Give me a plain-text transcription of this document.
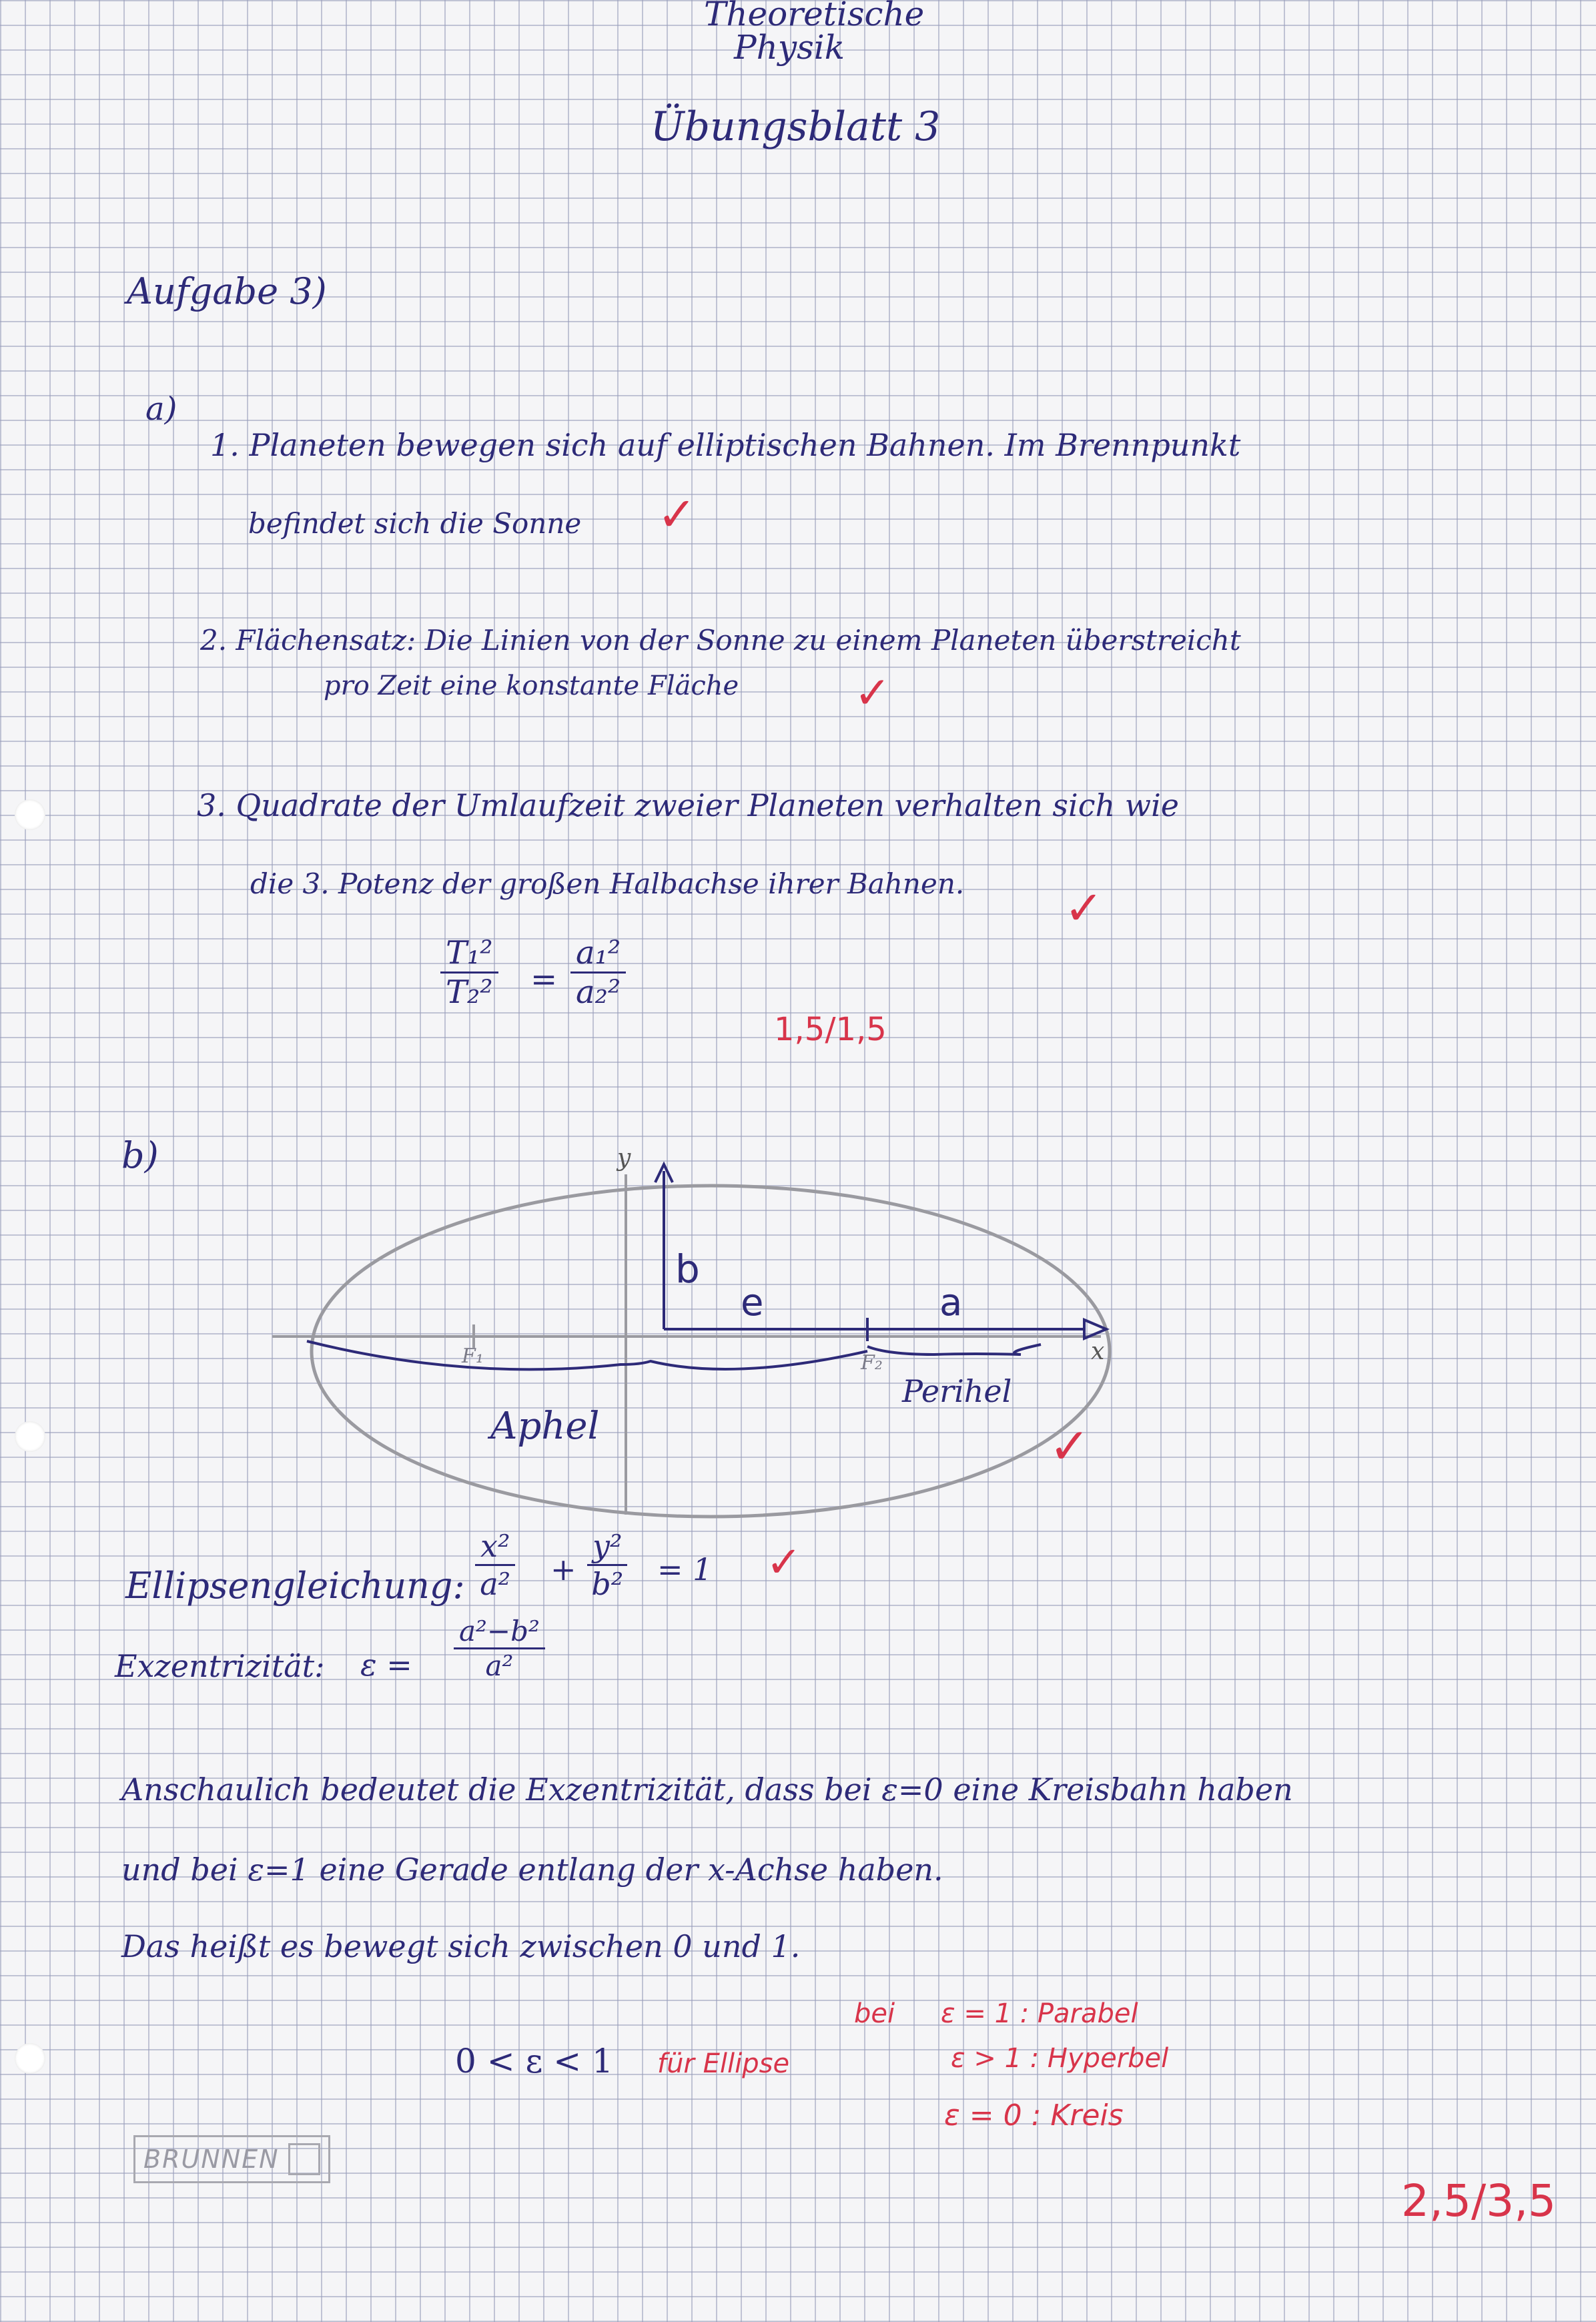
Theoretische
Physik
Übungsblatt 3
Aufgabe 3)
a)
1. Planeten bewegen sich auf elliptischen Bahnen. Im Brennpunkt
befindet sich die Sonne ✓
2. Flächensatz: Die Linien von der Sonne zu einem Planeten überstreicht
pro Zeit eine konstante Fläche	✓
3. Quadrate der Umlaufzeit zweier Planeten verhalten sich wie
die 3. Potenz der großen Halbachse ihrer Bahnen. ✓
$\frac{\text{T₁²}}{\text{T₂²}} = \frac{\text{a₁²}}{\text{a₂²}}$
1,5/1,5
b)	y
x
b
e	a
F₁	F₂
Aphel
Perihel
✓
Ellipsengleichung: $\frac{\text{x²}}{\text{a²}} + \frac{\text{y²}}{\text{b²}} = 1$ ✓
Exzentrizität: $\varepsilon = \frac{\text{a²−b²}}{\text{a²}}$
Anschaulich bedeutet die Exzentrizität, dass bei ε=0 eine Kreisbahn haben
und bei ε=1 eine Gerade entlang der x-Achse haben.
Das heißt es bewegt sich zwischen 0 und 1.
0 < ε < 1 für Ellipse
bei ε = 1 : Parabel
ε > 1 : Hyperbel
ε = 0 : Kreis
2,5/3,5
BRUNNEN
